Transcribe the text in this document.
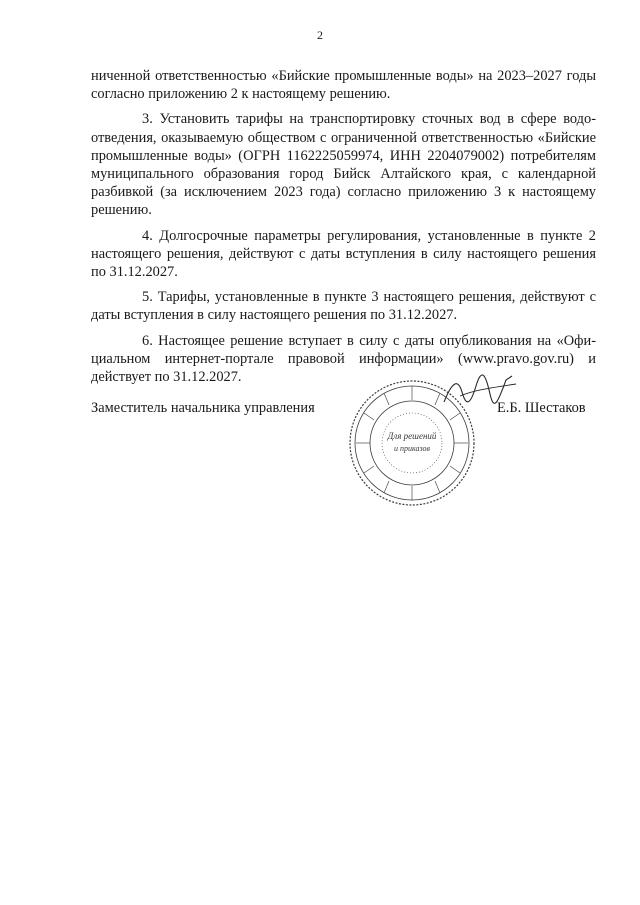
2

ниченной ответственностью «Бийские промышленные воды» на 2023–2027 годы согласно приложению 2 к настоящему решению.

3. Установить тарифы на транспортировку сточных вод в сфере водоотведения, оказываемую обществом с ограниченной ответственностью «Бийские промышленные воды» (ОГРН 1162225059974, ИНН 2204079002) потребителям муниципального образования город Бийск Алтайского края, с календарной разбивкой (за исключением 2023 года) согласно приложению 3 к настоящему решению.

4. Долгосрочные параметры регулирования, установленные в пункте 2 настоящего решения, действуют с даты вступления в силу настоящего решения по 31.12.2027.

5. Тарифы, установленные в пункте 3 настоящего решения, действуют с даты вступления в силу настоящего решения по 31.12.2027.

6. Настоящее решение вступает в силу с даты опубликования на «Официальном интернет-портале правовой информации» (www.pravo.gov.ru) и действует по 31.12.2027.

Заместитель начальника управления
Для решений
и приказов
Е.Б. Шестаков
